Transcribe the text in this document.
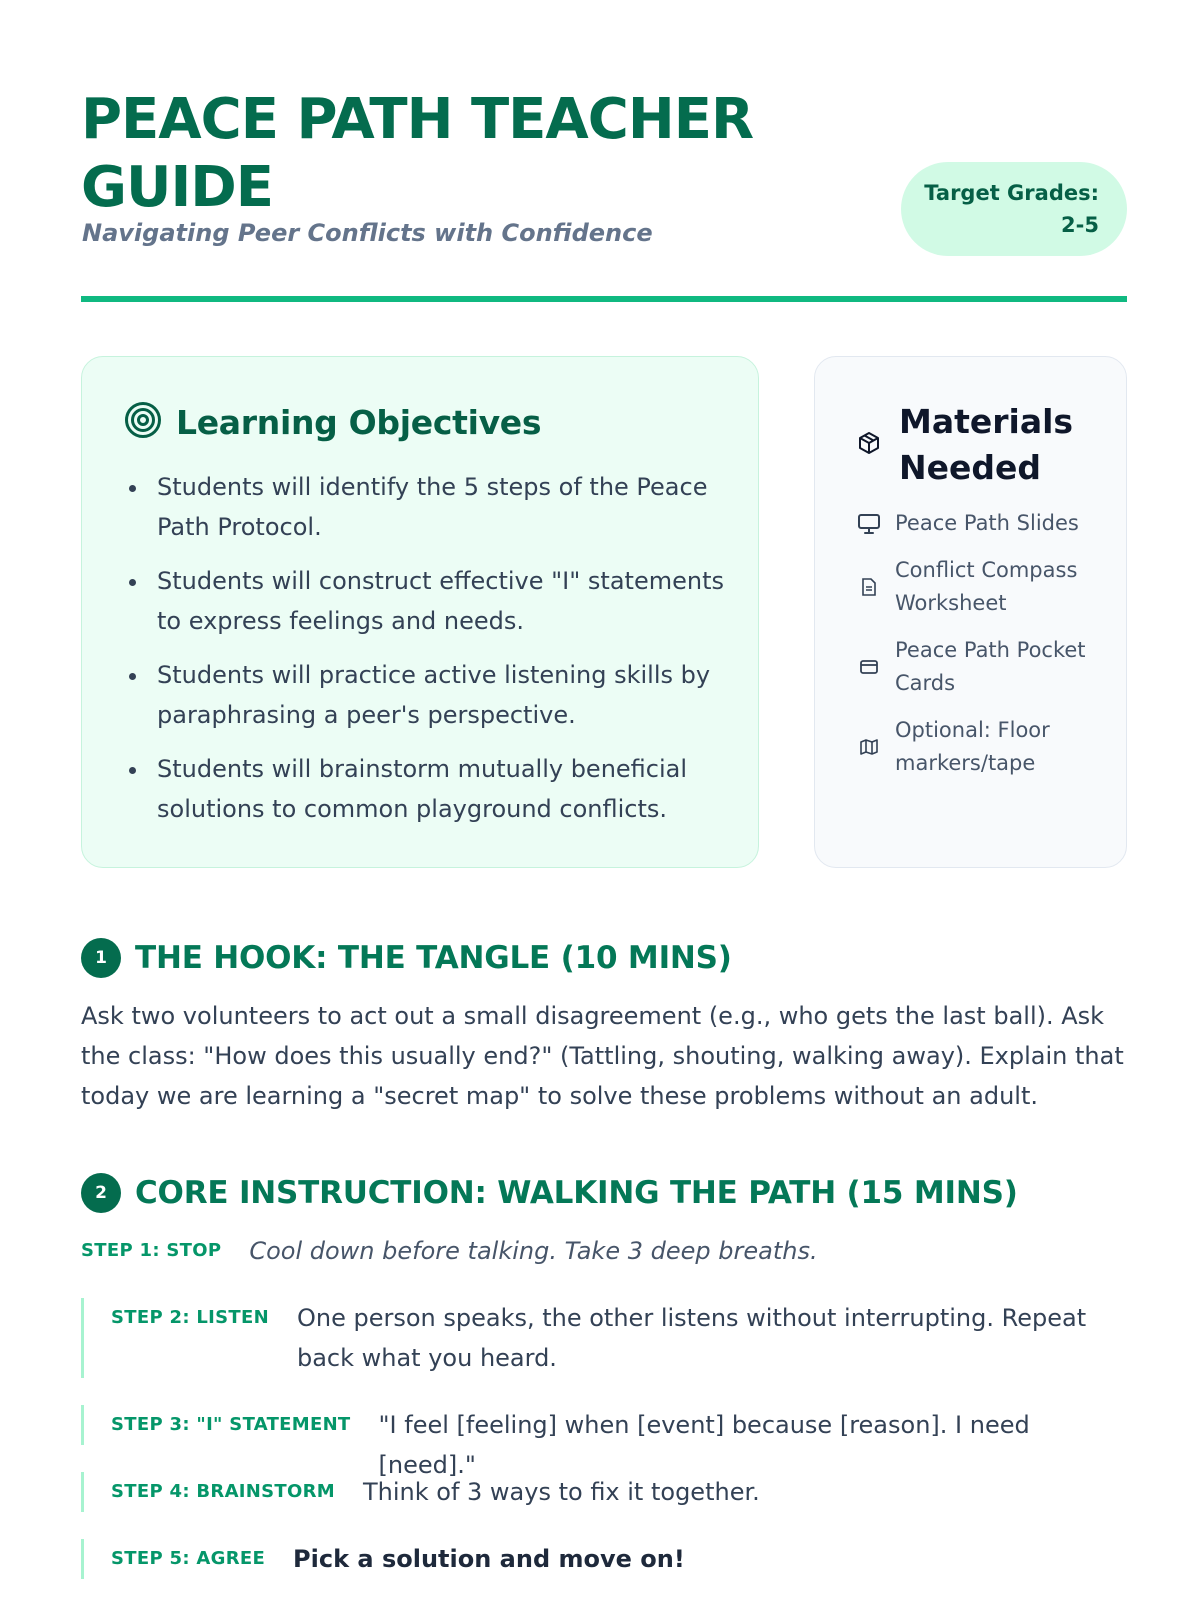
PEACE PATH TEACHER GUIDE
Navigating Peer Conflicts with Confidence
Target Grades:
2-5
Learning Objectives
Students will identify the 5 steps of the Peace Path Protocol.
Students will construct effective "I" statements to express feelings and needs.
Students will practice active listening skills by paraphrasing a peer's perspective.
Students will brainstorm mutually beneficial solutions to common playground conflicts.
Materials Needed
Peace Path Slides
Conflict Compass Worksheet
Peace Path Pocket Cards
Optional: Floor markers/tape
1 THE HOOK: THE TANGLE (10 MINS)

Ask two volunteers to act out a small disagreement (e.g., who gets the last ball). Ask the class: "How does this usually end?" (Tattling, shouting, walking away). Explain that today we are learning a "secret map" to solve these problems without an adult.

2 CORE INSTRUCTION: WALKING THE PATH (15 MINS)
STEP 1: STOP Cool down before talking. Take 3 deep breaths.
STEP 2: LISTEN One person speaks, the other listens without interrupting. Repeat back what you heard.
STEP 3: "I" STATEMENT "I feel [feeling] when [event] because [reason]. I need [need]."
STEP 4: BRAINSTORM Think of 3 ways to fix it together.
STEP 5: AGREE Pick a solution and move on!
